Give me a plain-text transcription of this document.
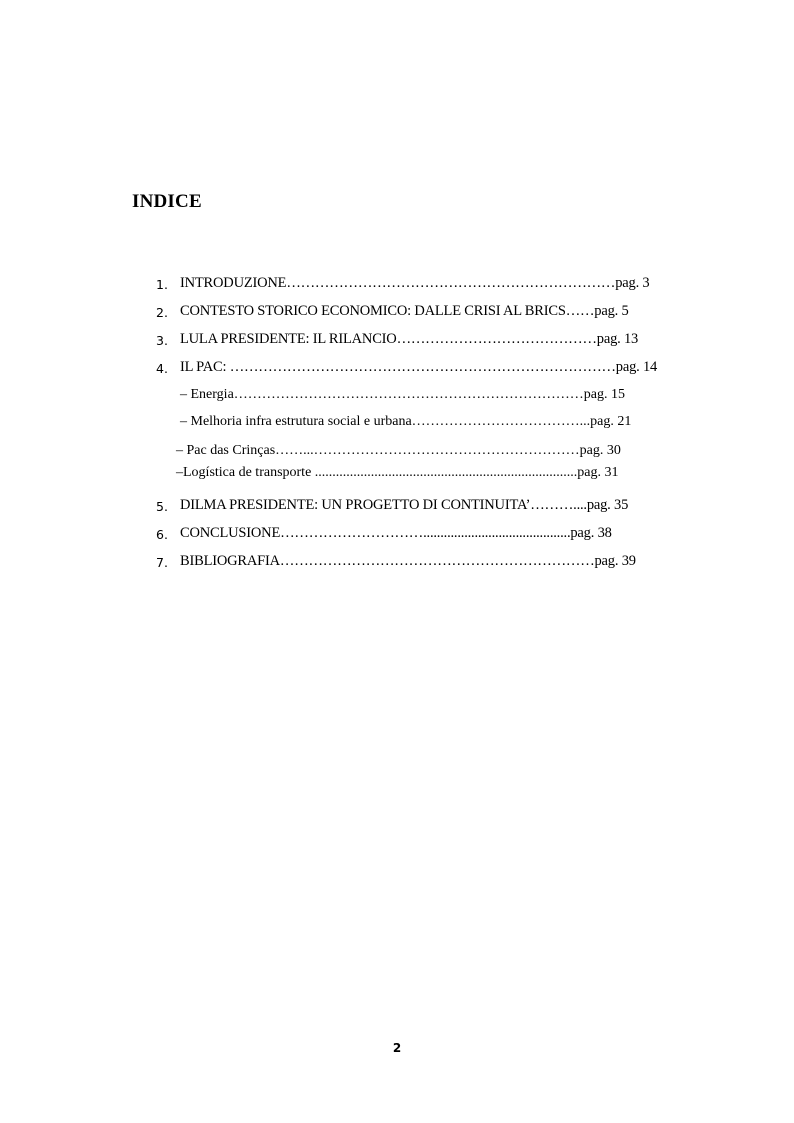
INDICE
1. INTRODUZIONE……………………………………………………………pag. 3
2. CONTESTO STORICO ECONOMICO: DALLE CRISI AL BRICS……pag. 5
3. LULA PRESIDENTE: IL RILANCIO……………………………………pag. 13
4. IL PAC: ………………………………………………………………………pag. 14
– Energia…………………………………………………………………pag. 15
– Melhoria infra estrutura social e urbana………………………………...pag. 21
– Pac das Crinças……...…………………………………………………pag. 30
–Logística de transporte ...........................................................................pag. 31
5. DILMA PRESIDENTE: UN PROGETTO DI CONTINUITA’………....pag. 35
6. CONCLUSIONE…………………………...........................................pag. 38
7. BIBLIOGRAFIA…………………………………………………………pag. 39
2
